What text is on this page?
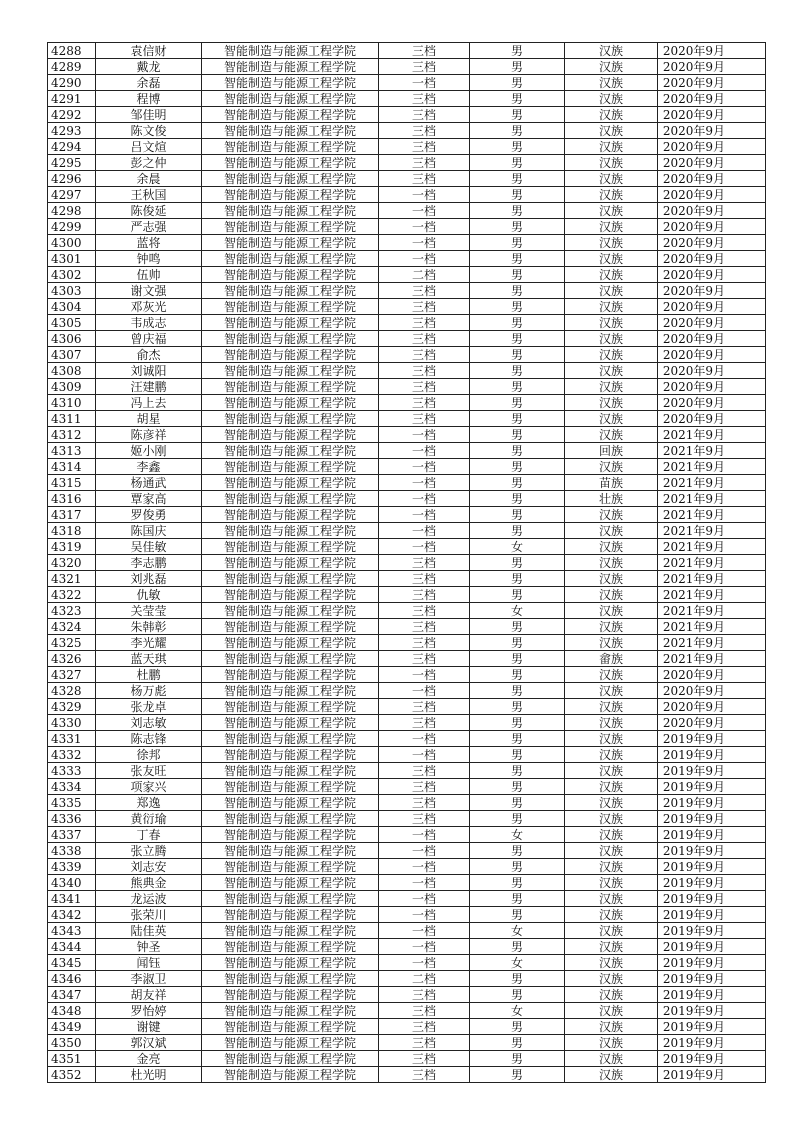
4288	袁信财	智能制造与能源工程学院	三档	男	汉族	2020年9月
4289	戴龙	智能制造与能源工程学院	三档	男	汉族	2020年9月
4290	余磊	智能制造与能源工程学院	一档	男	汉族	2020年9月
4291	程博	智能制造与能源工程学院	三档	男	汉族	2020年9月
4292	邹佳明	智能制造与能源工程学院	三档	男	汉族	2020年9月
4293	陈文俊	智能制造与能源工程学院	三档	男	汉族	2020年9月
4294	吕文煊	智能制造与能源工程学院	三档	男	汉族	2020年9月
4295	彭之仲	智能制造与能源工程学院	三档	男	汉族	2020年9月
4296	余晨	智能制造与能源工程学院	三档	男	汉族	2020年9月
4297	王秋国	智能制造与能源工程学院	一档	男	汉族	2020年9月
4298	陈俊延	智能制造与能源工程学院	一档	男	汉族	2020年9月
4299	严志强	智能制造与能源工程学院	一档	男	汉族	2020年9月
4300	蓝将	智能制造与能源工程学院	一档	男	汉族	2020年9月
4301	钟鸣	智能制造与能源工程学院	一档	男	汉族	2020年9月
4302	伍帅	智能制造与能源工程学院	二档	男	汉族	2020年9月
4303	谢文强	智能制造与能源工程学院	三档	男	汉族	2020年9月
4304	邓灰光	智能制造与能源工程学院	三档	男	汉族	2020年9月
4305	韦成志	智能制造与能源工程学院	三档	男	汉族	2020年9月
4306	曾庆福	智能制造与能源工程学院	三档	男	汉族	2020年9月
4307	俞杰	智能制造与能源工程学院	三档	男	汉族	2020年9月
4308	刘诚阳	智能制造与能源工程学院	三档	男	汉族	2020年9月
4309	汪建鹏	智能制造与能源工程学院	三档	男	汉族	2020年9月
4310	冯上去	智能制造与能源工程学院	三档	男	汉族	2020年9月
4311	胡星	智能制造与能源工程学院	三档	男	汉族	2020年9月
4312	陈彦祥	智能制造与能源工程学院	一档	男	汉族	2021年9月
4313	姬小刚	智能制造与能源工程学院	一档	男	回族	2021年9月
4314	李鑫	智能制造与能源工程学院	一档	男	汉族	2021年9月
4315	杨通武	智能制造与能源工程学院	一档	男	苗族	2021年9月
4316	覃家高	智能制造与能源工程学院	一档	男	壮族	2021年9月
4317	罗俊勇	智能制造与能源工程学院	一档	男	汉族	2021年9月
4318	陈国庆	智能制造与能源工程学院	一档	男	汉族	2021年9月
4319	吴佳敏	智能制造与能源工程学院	一档	女	汉族	2021年9月
4320	李志鹏	智能制造与能源工程学院	三档	男	汉族	2021年9月
4321	刘兆磊	智能制造与能源工程学院	三档	男	汉族	2021年9月
4322	仇敏	智能制造与能源工程学院	三档	男	汉族	2021年9月
4323	关莹莹	智能制造与能源工程学院	三档	女	汉族	2021年9月
4324	朱韩彰	智能制造与能源工程学院	三档	男	汉族	2021年9月
4325	李光耀	智能制造与能源工程学院	三档	男	汉族	2021年9月
4326	蓝天琪	智能制造与能源工程学院	三档	男	畲族	2021年9月
4327	杜鹏	智能制造与能源工程学院	一档	男	汉族	2020年9月
4328	杨万彪	智能制造与能源工程学院	一档	男	汉族	2020年9月
4329	张龙卓	智能制造与能源工程学院	三档	男	汉族	2020年9月
4330	刘志敏	智能制造与能源工程学院	三档	男	汉族	2020年9月
4331	陈志锋	智能制造与能源工程学院	一档	男	汉族	2019年9月
4332	徐邦	智能制造与能源工程学院	一档	男	汉族	2019年9月
4333	张友旺	智能制造与能源工程学院	三档	男	汉族	2019年9月
4334	项家兴	智能制造与能源工程学院	三档	男	汉族	2019年9月
4335	郑逸	智能制造与能源工程学院	三档	男	汉族	2019年9月
4336	黄衍瑜	智能制造与能源工程学院	三档	男	汉族	2019年9月
4337	丁春	智能制造与能源工程学院	一档	女	汉族	2019年9月
4338	张立腾	智能制造与能源工程学院	一档	男	汉族	2019年9月
4339	刘志安	智能制造与能源工程学院	一档	男	汉族	2019年9月
4340	熊典金	智能制造与能源工程学院	一档	男	汉族	2019年9月
4341	龙运波	智能制造与能源工程学院	一档	男	汉族	2019年9月
4342	张荣川	智能制造与能源工程学院	一档	男	汉族	2019年9月
4343	陆佳英	智能制造与能源工程学院	一档	女	汉族	2019年9月
4344	钟圣	智能制造与能源工程学院	一档	男	汉族	2019年9月
4345	闻钰	智能制造与能源工程学院	一档	女	汉族	2019年9月
4346	李淑卫	智能制造与能源工程学院	二档	男	汉族	2019年9月
4347	胡友祥	智能制造与能源工程学院	三档	男	汉族	2019年9月
4348	罗怡婷	智能制造与能源工程学院	三档	女	汉族	2019年9月
4349	谢键	智能制造与能源工程学院	三档	男	汉族	2019年9月
4350	郭汉斌	智能制造与能源工程学院	三档	男	汉族	2019年9月
4351	金亮	智能制造与能源工程学院	三档	男	汉族	2019年9月
4352	杜光明	智能制造与能源工程学院	三档	男	汉族	2019年9月
